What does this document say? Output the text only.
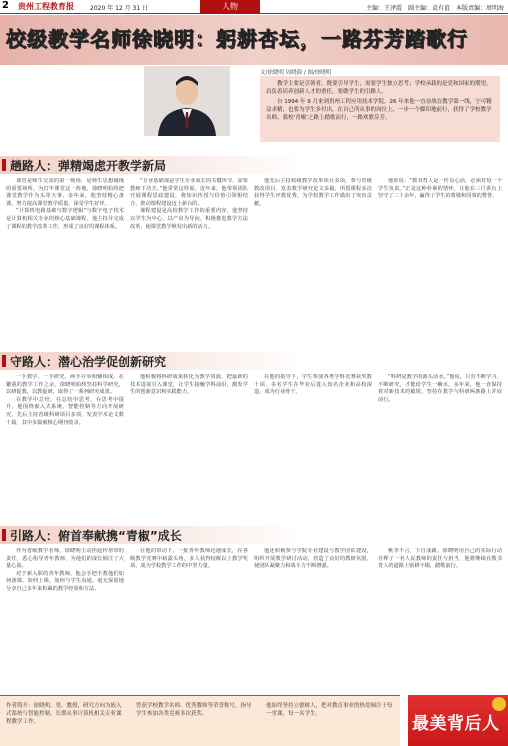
2 贵州工程教育报	2020 年 12 月 31 日	人物	主编：王泽霞　副主编：袁有谊　本版责编：周明海
校级教学名师徐晓明：躬耕杏坛，一路芬芳踏歌行
文/徐晓明 周晓海 / 图/徐晓明

教学主要是引领者，既要引导学生，需要学生独立思考；学校承载的是党和国家的期望，肩负着培养创新人才的重任，要做学生的引路人。

自 1994 年 9 月来到贵州工程应用技术学院，26 年来他一直奋战在教学第一线，宁可精益求精，也要为学生多付出，在自己所从事的岗位上，一步一个脚印地前行，获得了学校教学名师、我校‘青椒’之路上踏歌而行，一路欢歌芬芳。

趟路人：弹精竭虑开教学新局

课堂是师生交流的第一现场，是师生思想碰撞的重要场所。为打牢课堂这一阵地，徐晓明始终把课堂教学作为头等大事，多年来，他坚持精心备课，努力提高课堂教学质量，深受学生好评。

“计算机电路基础与数字逻辑”与数字电子技术是计算机相关专业的核心基础课程，他主持并完成了课程的教学改革工作，形成了良好的课程体系。

“专业基础课是学生专业成长的关键环节，需要教师下功夫。”他常常这样说。近年来，他带领团队开展课程思政建设，将知识传授与价值引领相结合，推动课程建设迈上新台阶。

课程建设是高校教学工作的重要内容，他坚持以学生为中心，以产出为导向，积极推进教学方法改革，使课堂教学焕发出新的活力。

他先后主持校级教学改革项目多项，参与省级教改项目，发表教学研究论文多篇，所授课程多次获得学生评教优秀，为学校教学工作做出了突出贡献。

他常说：“教书育人是一件良心活，必须对每一个学生负责。”正是这种朴素的情怀，让他在三尺讲台上坚守了二十余年，赢得了学生的尊敬和同事的赞誉。

守路人：潜心治学促创新研究

一手教学，一手研究，两手并举相辅相成。在繁重的教学工作之余，徐晓明始终坚持科学研究，以研促教，以教促研，取得了一系列研究成果。

在教学中总结，在总结中思考，在思考中提升。他围绕嵌入式系统、智能控制等方向开展研究，先后主持省级科研项目多项，发表学术论文数十篇，其中多篇被核心期刊收录。

他积极将科研成果转化为教学资源，把最新的技术进展引入课堂，让学生接触学科前沿，激发学生的创新意识和实践能力。

在他的指导下，学生参加各类学科竞赛获奖数十项，多名学生在毕业后进入知名企业和高校深造，成为行业骨干。

“科研是教学的源头活水。”他说，只有不断学习、不断研究，才能给学生一碗水。多年来，他一直保持着对新技术的敏锐，坚持在教学与科研两条路上并肩前行。

引路人：俯首奉献携“青椒”成长

作为省级教学名师，徐晓明主动担起传帮带的责任，悉心指导青年教师，为他们的成长倾注了大量心血。

对于新入职的青年教师，他会手把手教他们如何备课、如何上课、如何与学生沟通，毫无保留地分享自己多年来积累的教学经验和方法。

在他的带动下，一批青年教师迅速成长，在各级教学竞赛中崭露头角，多人获得校级以上教学奖项，成为学校教学工作的中坚力量。

他还积极参与学院专业建设与教学团队建设，组织开展教学研讨活动，营造了良好的教研氛围，使团队凝聚力和战斗力不断增强。

桃李不言，下自成蹊。徐晓明用自己的实际行动诠释了一名人民教师的责任与担当，他将继续在教书育人的道路上躬耕不辍，踏歌前行。

作者简介：徐晓明，男，教授，研究方向为嵌入式系统与智能控制，长期从事计算机相关专业课程教学工作。
曾获学校教学名师、优秀教师等荣誉称号，指导学生参加各类竞赛多次获奖。
他始终坚持立德树人，把对教育事业的热爱倾注于每一堂课、每一名学生。	最美背后人
